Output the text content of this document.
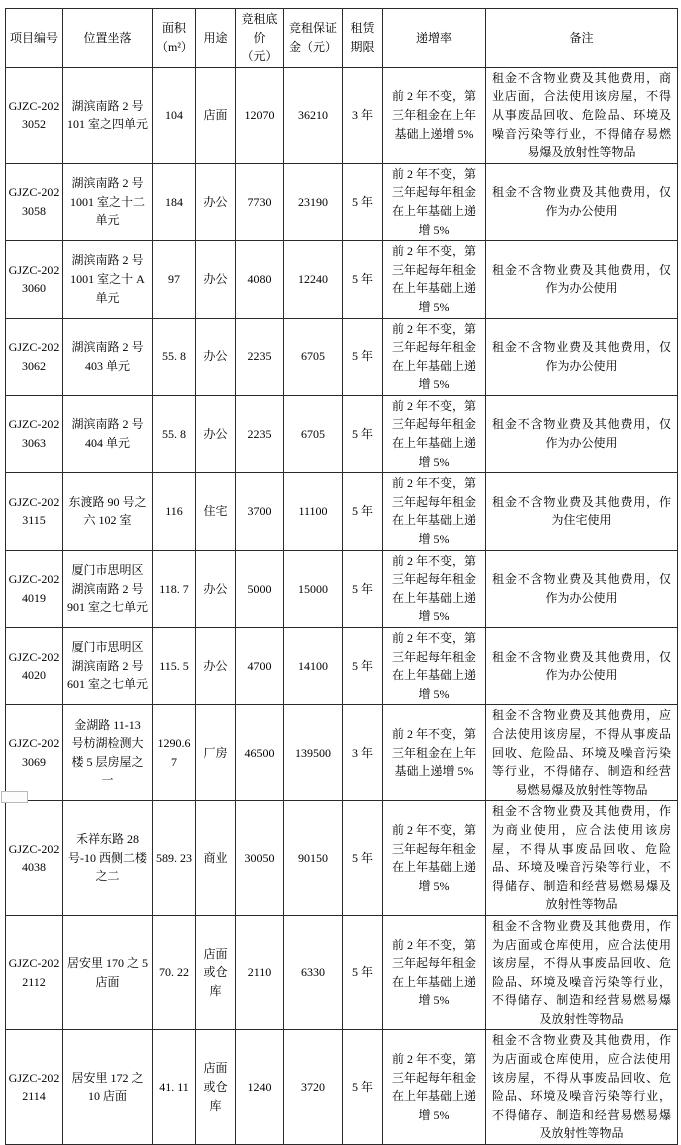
项目编号	位置坐落	面积（m²）	用途	竞租底价（元）	竞租保证金（元）	租赁期限	递增率	备注
GJZC-2023052	湖滨南路 2 号 101 室之四单元	104	店面	12070	36210	3 年	前 2 年不变，第三年租金在上年基础上递增 5%	租金不含物业费及其他费用，商业店面，合法使用该房屋，不得从事废品回收、危险品、环境及噪音污染等行业，不得储存易燃易爆及放射性等物品
GJZC-2023058	湖滨南路 2 号 1001 室之十二单元	184	办公	7730	23190	5 年	前 2 年不变，第三年起每年租金在上年基础上递增 5%	租金不含物业费及其他费用，仅作为办公使用
GJZC-2023060	湖滨南路 2 号 1001 室之十 A 单元	97	办公	4080	12240	5 年	前 2 年不变，第三年起每年租金在上年基础上递增 5%	租金不含物业费及其他费用，仅作为办公使用
GJZC-2023062	湖滨南路 2 号 403 单元	55. 8	办公	2235	6705	5 年	前 2 年不变，第三年起每年租金在上年基础上递增 5%	租金不含物业费及其他费用，仅作为办公使用
GJZC-2023063	湖滨南路 2 号 404 单元	55. 8	办公	2235	6705	5 年	前 2 年不变，第三年起每年租金在上年基础上递增 5%	租金不含物业费及其他费用，仅作为办公使用
GJZC-2023115	东渡路 90 号之六 102 室	116	住宅	3700	11100	5 年	前 2 年不变，第三年起每年租金在上年基础上递增 5%	租金不含物业费及其他费用，作为住宅使用
GJZC-2024019	厦门市思明区湖滨南路 2 号 901 室之七单元	118. 7	办公	5000	15000	5 年	前 2 年不变，第三年起每年租金在上年基础上递增 5%	租金不含物业费及其他费用，仅作为办公使用
GJZC-2024020	厦门市思明区湖滨南路 2 号 601 室之七单元	115. 5	办公	4700	14100	5 年	前 2 年不变，第三年起每年租金在上年基础上递增 5%	租金不含物业费及其他费用，仅作为办公使用
GJZC-2023069	金湖路 11-13 号枋湖检测大楼 5 层房屋之一	1290.67	厂房	46500	139500	3 年	前 2 年不变，第三年租金在上年基础上递增 5%	租金不含物业费及其他费用，应合法使用该房屋，不得从事废品回收、危险品、环境及噪音污染等行业，不得储存、制造和经营易燃易爆及放射性等物品
GJZC-2024038	禾祥东路 28 号-10 西侧二楼之二	589. 23	商业	30050	90150	5 年	前 2 年不变，第三年起每年租金在上年基础上递增 5%	租金不含物业费及其他费用，作为商业使用，应合法使用该房屋，不得从事废品回收、危险品、环境及噪音污染等行业，不得储存、制造和经营易燃易爆及放射性等物品
GJZC-2022112	居安里 170 之 5 店面	70. 22	店面或仓库	2110	6330	5 年	前 2 年不变，第三年起每年租金在上年基础上递增 5%	租金不含物业费及其他费用，作为店面或仓库使用，应合法使用该房屋，不得从事废品回收、危险品、环境及噪音污染等行业，不得储存、制造和经营易燃易爆及放射性等物品
GJZC-2022114	居安里 172 之 10 店面	41. 11	店面或仓库	1240	3720	5 年	前 2 年不变，第三年起每年租金在上年基础上递增 5%	租金不含物业费及其他费用，作为店面或仓库使用，应合法使用该房屋，不得从事废品回收、危险品、环境及噪音污染等行业，不得储存、制造和经营易燃易爆及放射性等物品
